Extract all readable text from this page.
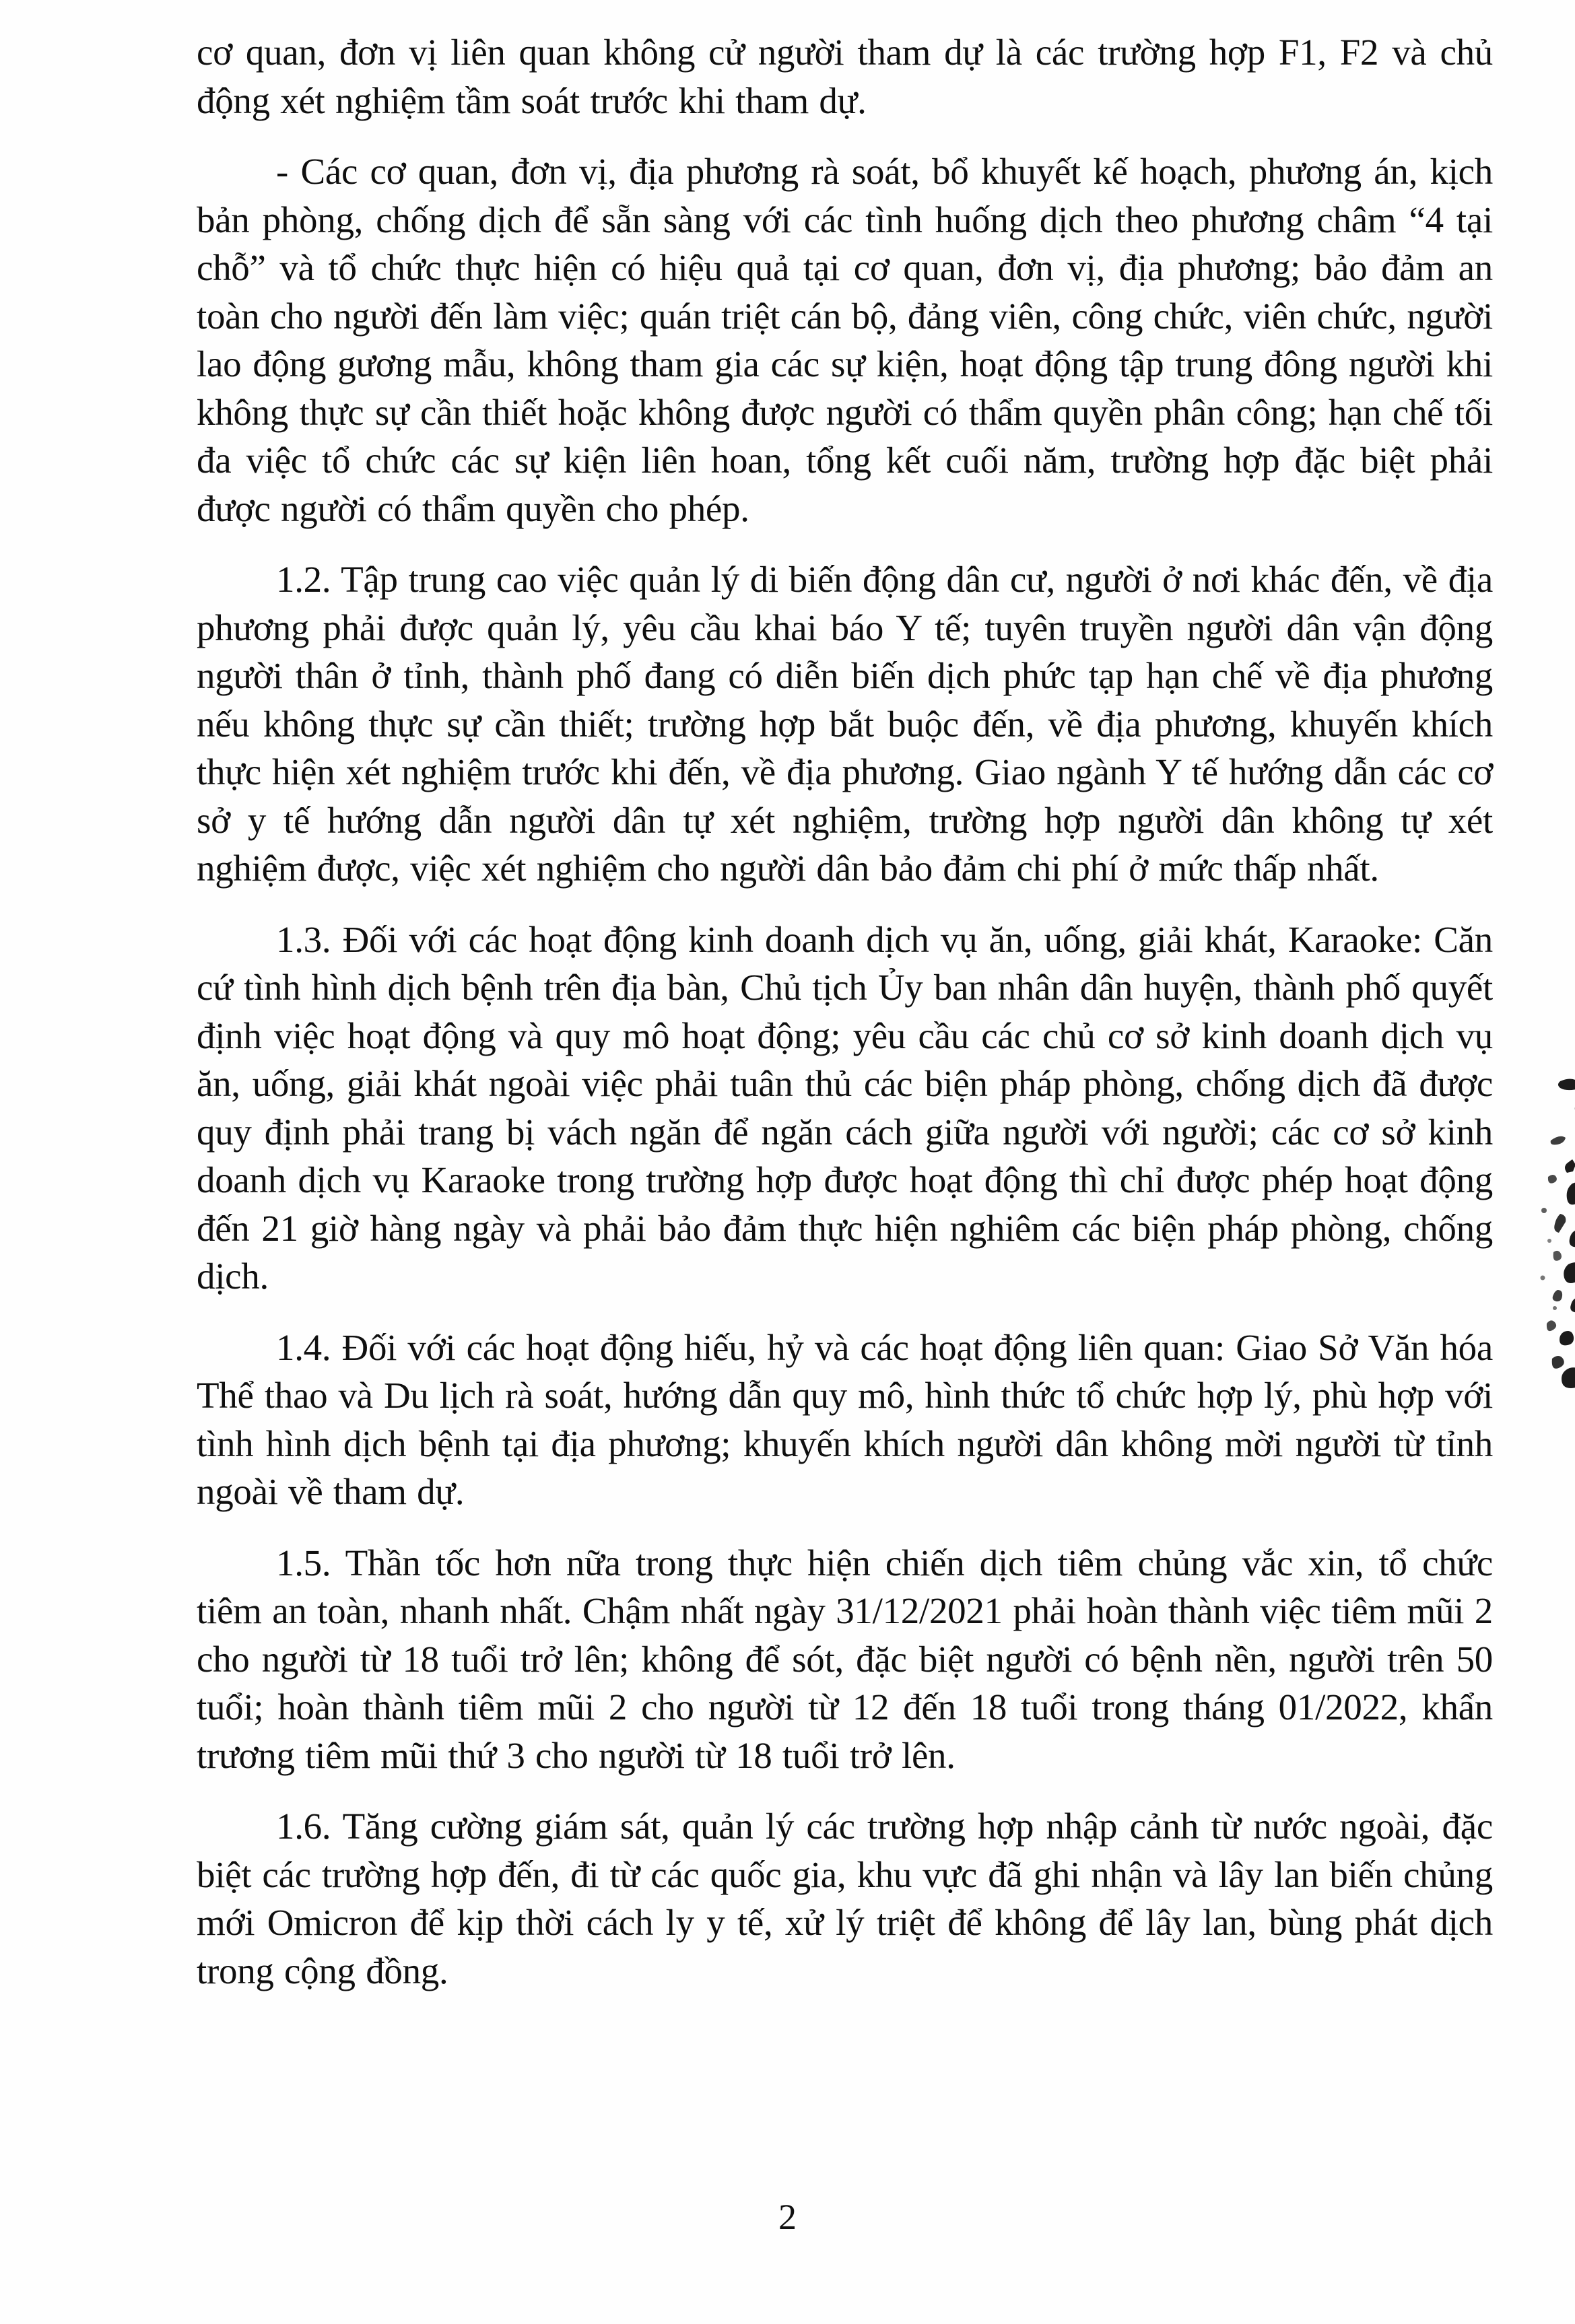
cơ quan, đơn vị liên quan không cử người tham dự là các trường hợp F1, F2 và chủ động xét nghiệm tầm soát trước khi tham dự.

- Các cơ quan, đơn vị, địa phương rà soát, bổ khuyết kế hoạch, phương án, kịch bản phòng, chống dịch để sẵn sàng với các tình huống dịch theo phương châm “4 tại chỗ” và tổ chức thực hiện có hiệu quả tại cơ quan, đơn vị, địa phương; bảo đảm an toàn cho người đến làm việc; quán triệt cán bộ, đảng viên, công chức, viên chức, người lao động gương mẫu, không tham gia các sự kiện, hoạt động tập trung đông người khi không thực sự cần thiết hoặc không được người có thẩm quyền phân công; hạn chế tối đa việc tổ chức các sự kiện liên hoan, tổng kết cuối năm, trường hợp đặc biệt phải được người có thẩm quyền cho phép.

1.2. Tập trung cao việc quản lý di biến động dân cư, người ở nơi khác đến, về địa phương phải được quản lý, yêu cầu khai báo Y tế; tuyên truyền người dân vận động người thân ở tỉnh, thành phố đang có diễn biến dịch phức tạp hạn chế về địa phương nếu không thực sự cần thiết; trường hợp bắt buộc đến, về địa phương, khuyến khích thực hiện xét nghiệm trước khi đến, về địa phương. Giao ngành Y tế hướng dẫn các cơ sở y tế hướng dẫn người dân tự xét nghiệm, trường hợp người dân không tự xét nghiệm được, việc xét nghiệm cho người dân bảo đảm chi phí ở mức thấp nhất.

1.3. Đối với các hoạt động kinh doanh dịch vụ ăn, uống, giải khát, Karaoke: Căn cứ tình hình dịch bệnh trên địa bàn, Chủ tịch Ủy ban nhân dân huyện, thành phố quyết định việc hoạt động và quy mô hoạt động; yêu cầu các chủ cơ sở kinh doanh dịch vụ ăn, uống, giải khát ngoài việc phải tuân thủ các biện pháp phòng, chống dịch đã được quy định phải trang bị vách ngăn để ngăn cách giữa người với người; các cơ sở kinh doanh dịch vụ Karaoke trong trường hợp được hoạt động thì chỉ được phép hoạt động đến 21 giờ hàng ngày và phải bảo đảm thực hiện nghiêm các biện pháp phòng, chống dịch.

1.4. Đối với các hoạt động hiếu, hỷ và các hoạt động liên quan: Giao Sở Văn hóa Thể thao và Du lịch rà soát, hướng dẫn quy mô, hình thức tổ chức hợp lý, phù hợp với tình hình dịch bệnh tại địa phương; khuyến khích người dân không mời người từ tỉnh ngoài về tham dự.

1.5. Thần tốc hơn nữa trong thực hiện chiến dịch tiêm chủng vắc xin, tổ chức tiêm an toàn, nhanh nhất. Chậm nhất ngày 31/12/2021 phải hoàn thành việc tiêm mũi 2 cho người từ 18 tuổi trở lên; không để sót, đặc biệt người có bệnh nền, người trên 50 tuổi; hoàn thành tiêm mũi 2 cho người từ 12 đến 18 tuổi trong tháng 01/2022, khẩn trương tiêm mũi thứ 3 cho người từ 18 tuổi trở lên.

1.6. Tăng cường giám sát, quản lý các trường hợp nhập cảnh từ nước ngoài, đặc biệt các trường hợp đến, đi từ các quốc gia, khu vực đã ghi nhận và lây lan biến chủng mới Omicron để kịp thời cách ly y tế, xử lý triệt để không để lây lan, bùng phát dịch trong cộng đồng.

2
